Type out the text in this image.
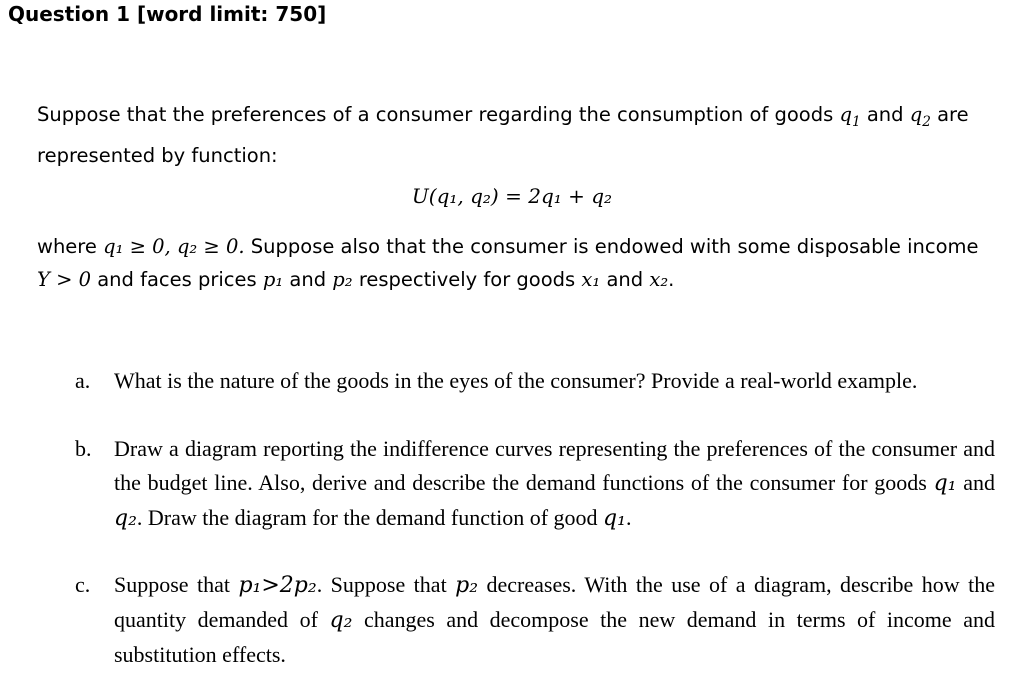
Question 1 [word limit: 750]
Suppose that the preferences of a consumer regarding the consumption of goods $q_1$ and $q_2$ are represented by function:
U(q₁, q₂) = 2q₁ + q₂
where q₁ ≥ 0, q₂ ≥ 0. Suppose also that the consumer is endowed with some disposable income Y > 0 and faces prices p₁ and p₂ respectively for goods x₁ and x₂.
a.	What is the nature of the goods in the eyes of the consumer? Provide a real-world example.
b.	Draw a diagram reporting the indifference curves representing the preferences of the consumer and the budget line. Also, derive and describe the demand functions of the consumer for goods q₁ and q₂. Draw the diagram for the demand function of good q₁.
c.	Suppose that p₁>2p₂. Suppose that p₂ decreases. With the use of a diagram, describe how the quantity demanded of q₂ changes and decompose the new demand in terms of income and substitution effects.
